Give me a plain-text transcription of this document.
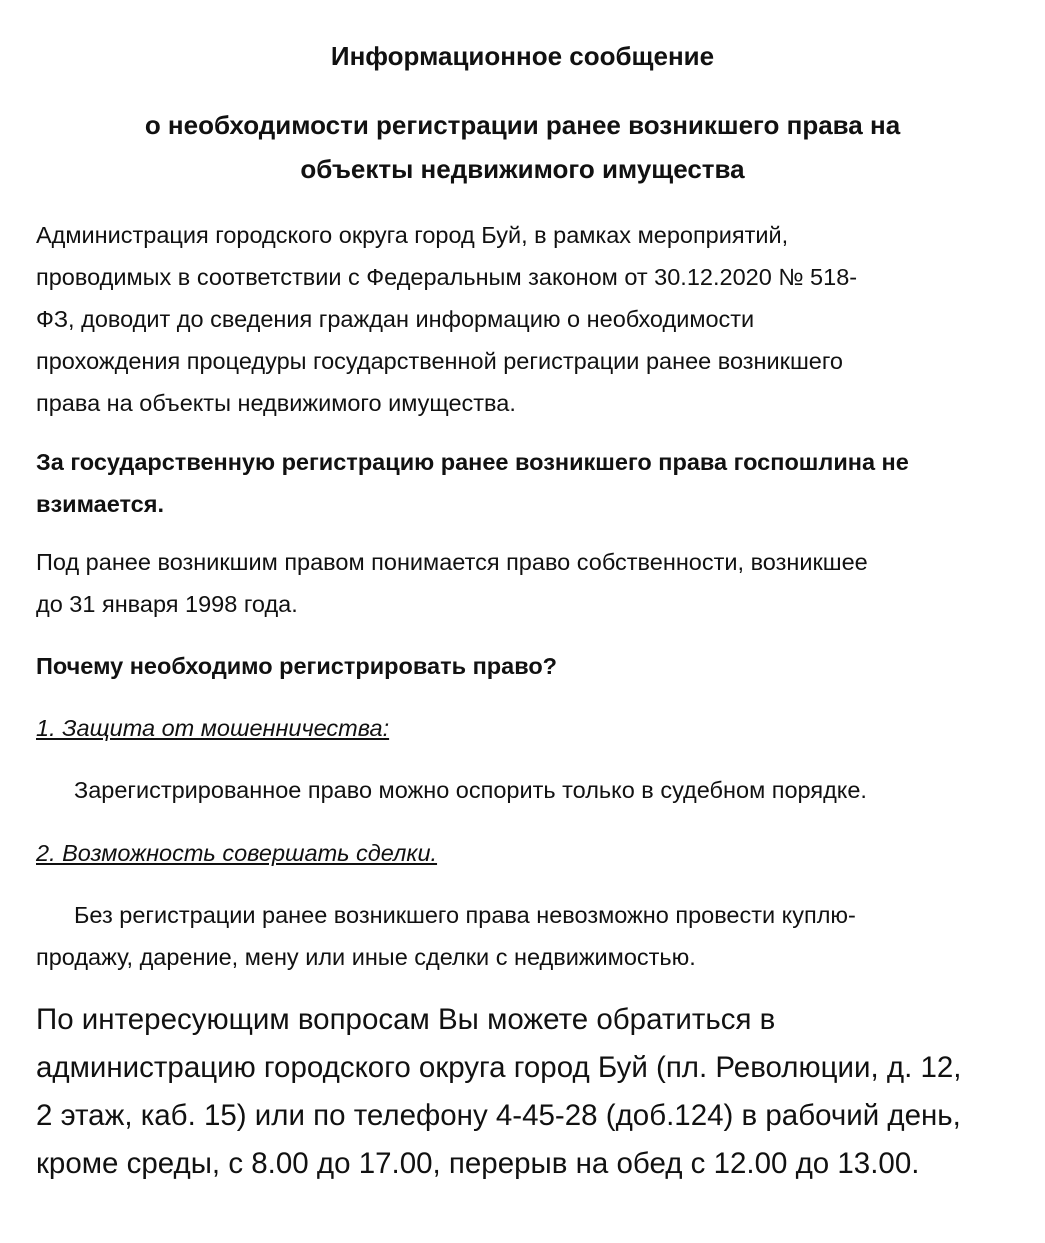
Информационное сообщение
о необходимости регистрации ранее возникшего права на
объекты недвижимого имущества

Администрация городского округа город Буй, в рамках мероприятий,
проводимых в соответствии с Федеральным законом от 30.12.2020 № 518-
ФЗ, доводит до сведения граждан информацию о необходимости
прохождения процедуры государственной регистрации ранее возникшего
права на объекты недвижимого имущества.

За государственную регистрацию ранее возникшего права госпошлина не
взимается.

Под ранее возникшим правом понимается право собственности, возникшее
до 31 января 1998 года.

Почему необходимо регистрировать право?

1. Защита от мошенничества:

Зарегистрированное право можно оспорить только в судебном порядке.

2. Возможность совершать сделки.

Без регистрации ранее возникшего права невозможно провести куплю-
продажу, дарение, мену или иные сделки с недвижимостью.

По интересующим вопросам Вы можете обратиться в
администрацию городского округа город Буй (пл. Революции, д. 12,
2 этаж, каб. 15) или по телефону 4-45-28 (доб.124) в рабочий день,
кроме среды, с 8.00 до 17.00, перерыв на обед с 12.00 до 13.00.
